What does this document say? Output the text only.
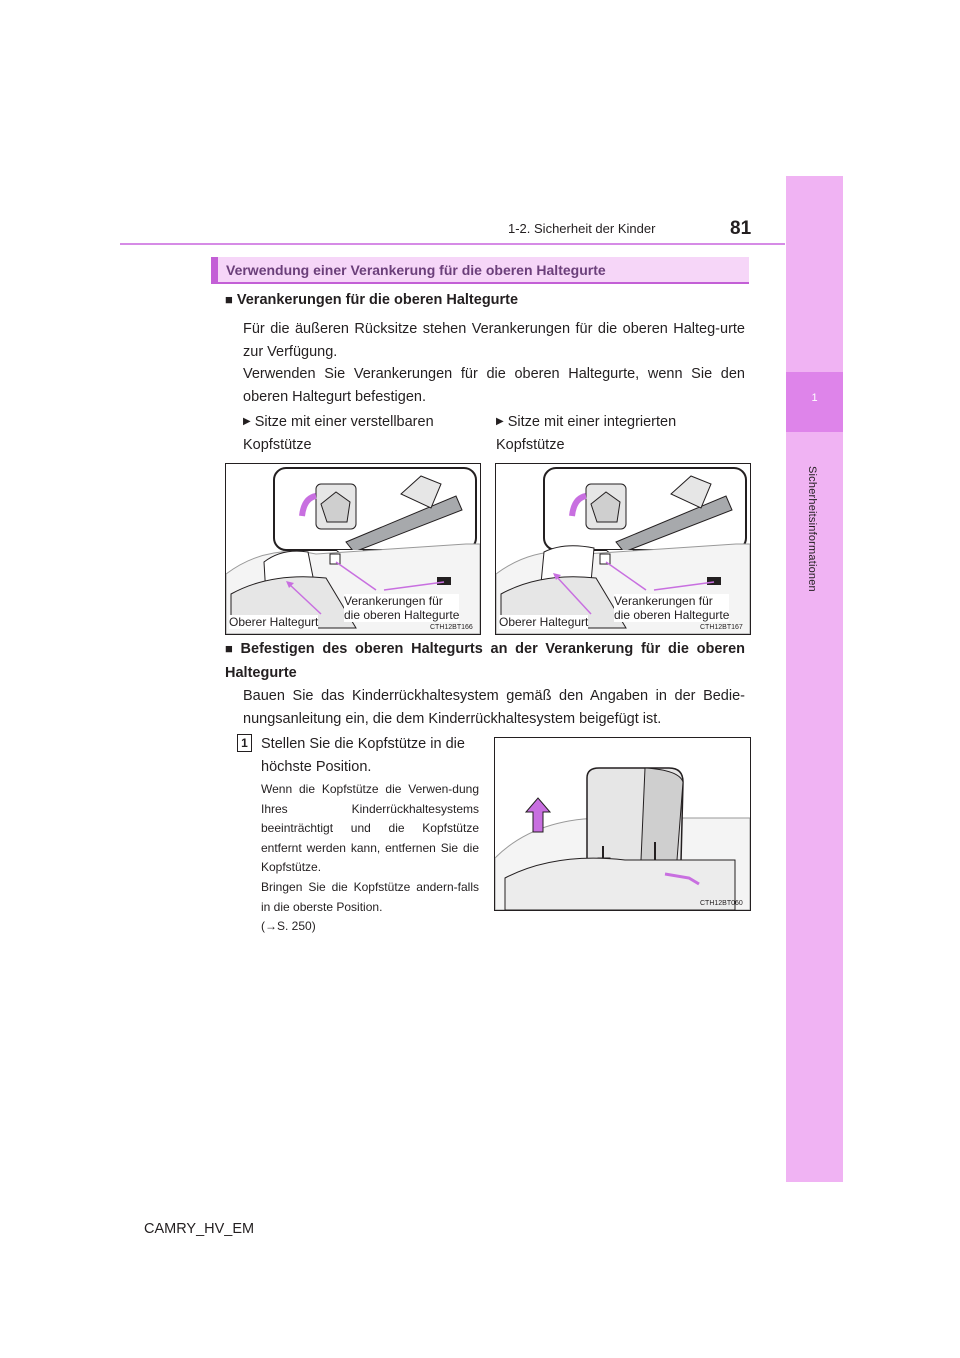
1
Sicherheitsinformationen
1-2. Sicherheit der Kinder	81
Verwendung einer Verankerung für die oberen Haltegurte
■ Verankerungen für die oberen Haltegurte
Für die äußeren Rücksitze stehen Verankerungen für die oberen Halteg-urte zur Verfügung.
Verwenden Sie Verankerungen für die oberen Haltegurte, wenn Sie den oberen Haltegurt befestigen.
▶ Sitze mit einer verstellbaren Kopfstütze
▶ Sitze mit einer integrierten Kopfstütze
Oberer Haltegurt
Verankerungen für
die oberen Haltegurte
CTH12BT166 Oberer Haltegurt
Verankerungen für
die oberen Haltegurte
CTH12BT167
■ Befestigen des oberen Haltegurts an der Verankerung für die oberen Haltegurte
Bauen Sie das Kinderrückhaltesystem gemäß den Angaben in der Bedie-nungsanleitung ein, die dem Kinderrückhaltesystem beigefügt ist.
1 Stellen Sie die Kopfstütze in die höchste Position.
Wenn die Kopfstütze die Verwen-dung Ihres Kinderrückhaltesystems beeinträchtigt und die Kopfstütze entfernt werden kann, entfernen Sie die Kopfstütze.
Bringen Sie die Kopfstütze andern-falls in die oberste Position.
(→S. 250)
CTH12BT060
CAMRY_HV_EM
